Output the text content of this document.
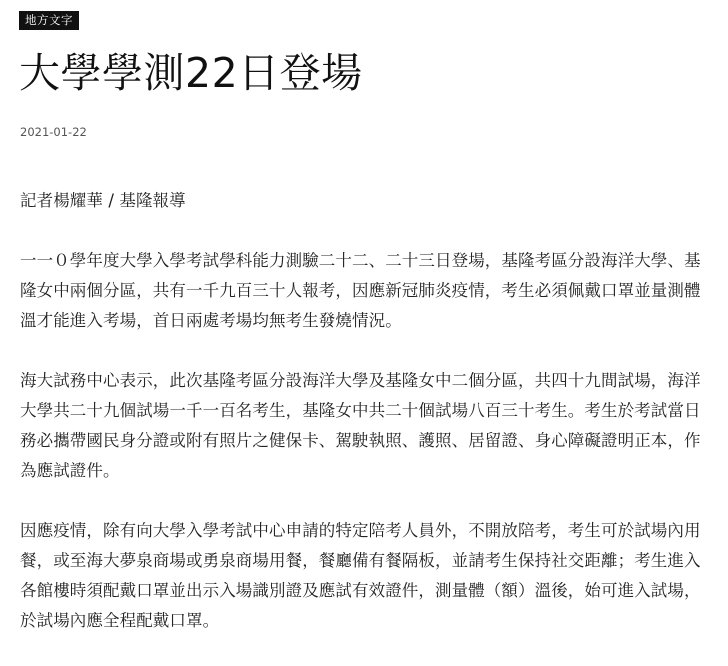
地方文字
大學學測22日登場
2021-01-22

記者楊耀華 / 基隆報導

一一０學年度大學入學考試學科能力測驗二十二、二十三日登場，基隆考區分設海洋大學、基隆女中兩個分區，共有一千九百三十人報考，因應新冠肺炎疫情，考生必須佩戴口罩並量測體溫才能進入考場，首日兩處考場均無考生發燒情況。

海大試務中心表示，此次基隆考區分設海洋大學及基隆女中二個分區，共四十九間試場，海洋大學共二十九個試場一千一百名考生，基隆女中共二十個試場八百三十考生。考生於考試當日務必攜帶國民身分證或附有照片之健保卡、駕駛執照、護照、居留證、身心障礙證明正本，作為應試證件。

因應疫情，除有向大學入學考試中心申請的特定陪考人員外，不開放陪考，考生可於試場內用餐，或至海大夢泉商場或勇泉商場用餐，餐廳備有餐隔板，並請考生保持社交距離；考生進入各館樓時須配戴口罩並出示入場識別證及應試有效證件，測量體（額）溫後，始可進入試場，於試場內應全程配戴口罩。
